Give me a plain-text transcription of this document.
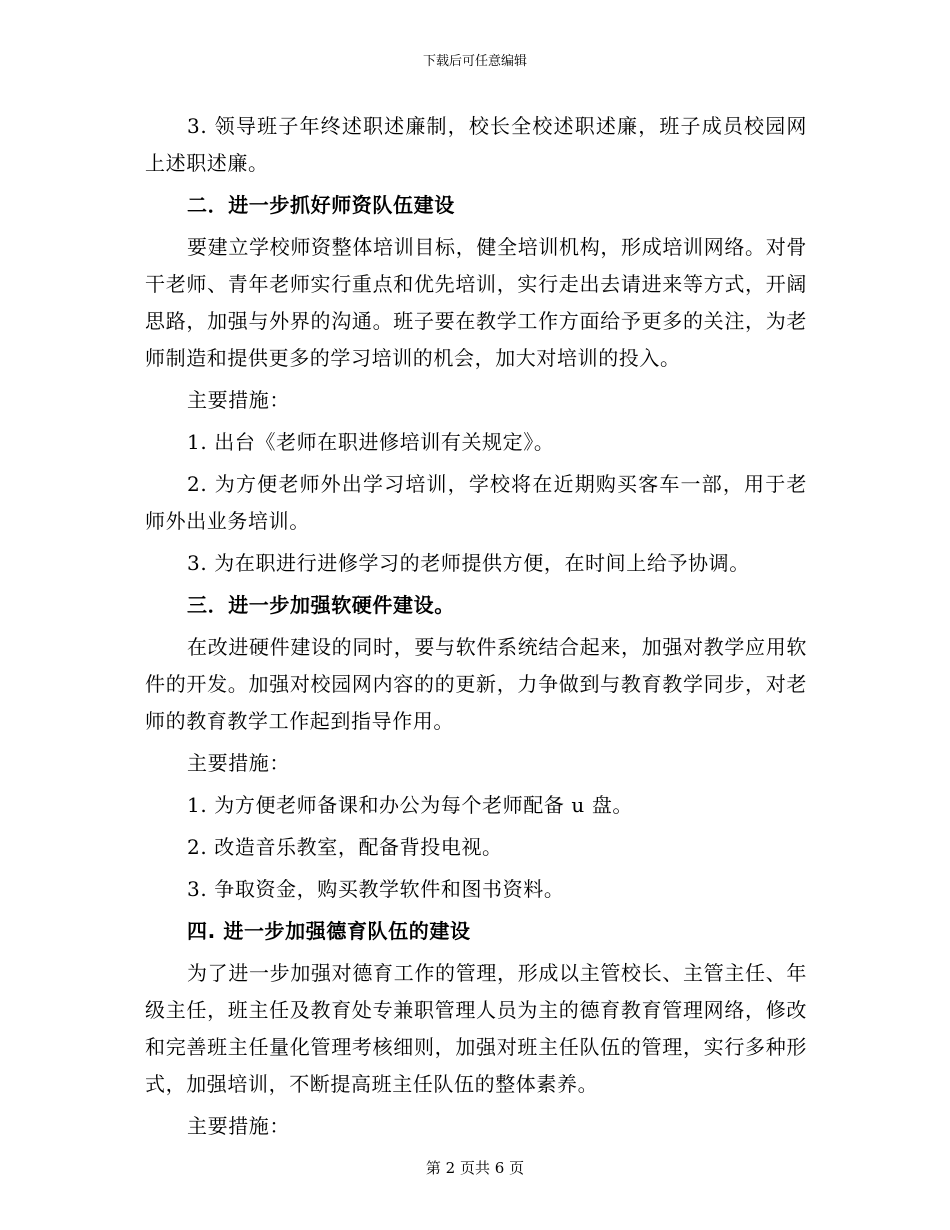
下载后可任意编辑

3. 领导班子年终述职述廉制，校长全校述职述廉，班子成员校园网上述职述廉。

二．进一步抓好师资队伍建设

要建立学校师资整体培训目标，健全培训机构，形成培训网络。对骨干老师、青年老师实行重点和优先培训，实行走出去请进来等方式，开阔思路，加强与外界的沟通。班子要在教学工作方面给予更多的关注，为老师制造和提供更多的学习培训的机会，加大对培训的投入。

主要措施：

1. 出台《老师在职进修培训有关规定》。

2. 为方便老师外出学习培训，学校将在近期购买客车一部，用于老师外出业务培训。

3. 为在职进行进修学习的老师提供方便，在时间上给予协调。

三．进一步加强软硬件建设。

在改进硬件建设的同时，要与软件系统结合起来，加强对教学应用软件的开发。加强对校园网内容的的更新，力争做到与教育教学同步，对老师的教育教学工作起到指导作用。

主要措施：

1. 为方便老师备课和办公为每个老师配备 u 盘。

2. 改造音乐教室，配备背投电视。

3. 争取资金，购买教学软件和图书资料。

四. 进一步加强德育队伍的建设

为了进一步加强对德育工作的管理，形成以主管校长、主管主任、年级主任，班主任及教育处专兼职管理人员为主的德育教育管理网络，修改和完善班主任量化管理考核细则，加强对班主任队伍的管理，实行多种形式，加强培训，不断提高班主任队伍的整体素养。

主要措施：

第 2 页共 6 页
